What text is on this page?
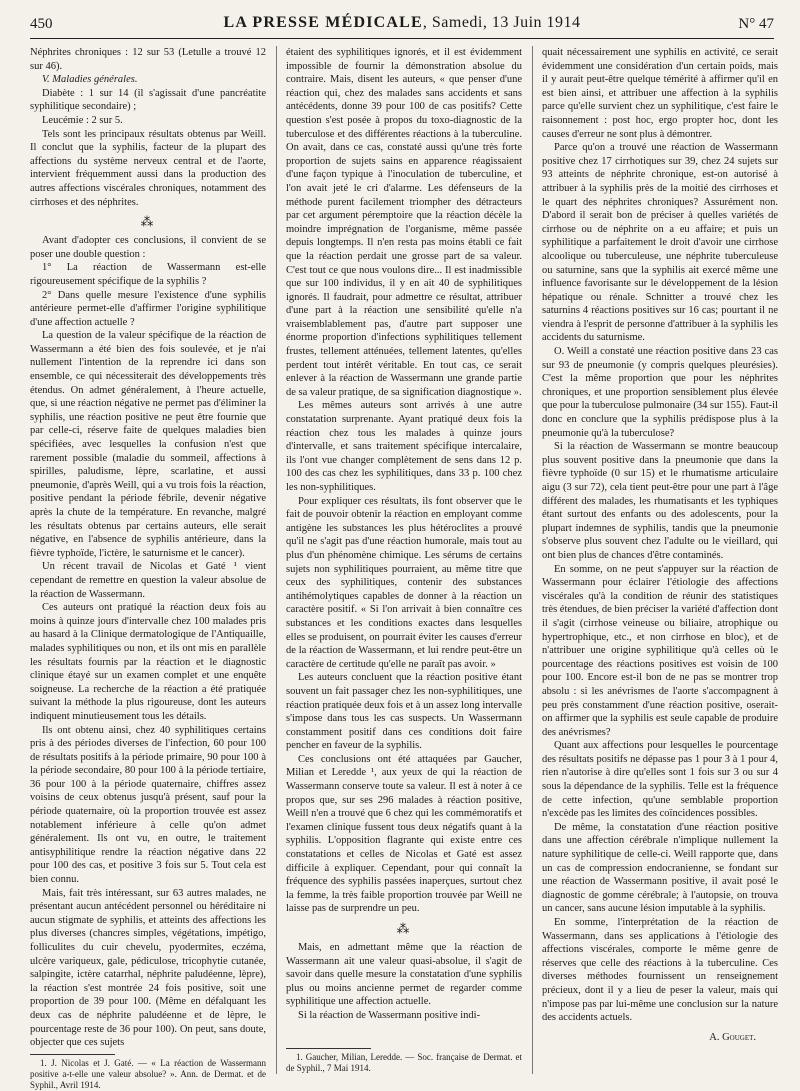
450	LA PRESSE MÉDICALE, Samedi, 13 Juin 1914	N° 47

Néphrites chroniques : 12 sur 53 (Letulle a trouvé 12 sur 46).

V. Maladies générales.

Diabète : 1 sur 14 (il s'agissait d'une pancréatite syphilitique secondaire) ;

Leucémie : 2 sur 5.

Tels sont les principaux résultats obtenus par Weill. Il conclut que la syphilis, facteur de la plupart des affections du système nerveux central et de l'aorte, intervient fréquemment aussi dans la production des autres affections viscérales chroniques, notamment des cirrhoses et des néphrites.

⁂

Avant d'adopter ces conclusions, il convient de se poser une double question :

1° La réaction de Wassermann est-elle rigoureusement spécifique de la syphilis ?

2° Dans quelle mesure l'existence d'une syphilis antérieure permet-elle d'affirmer l'origine syphilitique d'une affection actuelle ?

La question de la valeur spécifique de la réaction de Wassermann a été bien des fois soulevée, et je n'ai nullement l'intention de la reprendre ici dans son ensemble, ce qui nécessiterait des développements très étendus. On admet généralement, à l'heure actuelle, que, si une réaction négative ne permet pas d'éliminer la syphilis, une réaction positive ne peut être fournie que par celle-ci, réserve faite de quelques maladies bien spécifiées, avec lesquelles la confusion n'est que rarement possible (maladie du sommeil, affections à spirilles, paludisme, lèpre, scarlatine, et aussi pneumonie, d'après Weill, qui a vu trois fois la réaction, positive pendant la période fébrile, devenir négative après la chute de la température. En revanche, malgré les résultats obtenus par certains auteurs, elle serait négative, en l'absence de syphilis antérieure, dans la fièvre typhoïde, l'ictère, le saturnisme et le cancer).

Un récent travail de Nicolas et Gaté ¹ vient cependant de remettre en question la valeur absolue de la réaction de Wassermann.

Ces auteurs ont pratiqué la réaction deux fois au moins à quinze jours d'intervalle chez 100 malades pris au hasard à la Clinique dermatologique de l'Antiquaille, malades syphilitiques ou non, et ils ont mis en parallèle les résultats fournis par la réaction et le diagnostic clinique étayé sur un examen complet et une enquête soigneuse. La recherche de la réaction a été pratiquée suivant la méthode la plus rigoureuse, dont les auteurs indiquent minutieusement tous les détails.

Ils ont obtenu ainsi, chez 40 syphilitiques certains pris à des périodes diverses de l'infection, 60 pour 100 de résultats positifs à la période primaire, 90 pour 100 à la période secondaire, 80 pour 100 à la période tertiaire, 36 pour 100 à la période quaternaire, chiffres assez voisins de ceux obtenus jusqu'à présent, sauf pour la période quaternaire, où la proportion trouvée est assez notablement inférieure à celle qu'on admet généralement. Ils ont vu, en outre, le traitement antisyphilitique rendre la réaction négative dans 22 pour 100 des cas, et positive 3 fois sur 5. Tout cela est bien connu.

Mais, fait très intéressant, sur 63 autres malades, ne présentant aucun antécédent personnel ou héréditaire ni aucun stigmate de syphilis, et atteints des affections les plus diverses (chancres simples, végétations, impétigo, folliculites du cuir chevelu, pyodermites, eczéma, ulcère variqueux, gale, pédiculose, tricophytie cutanée, salpingite, ictère catarrhal, néphrite paludéenne, lèpre), la réaction s'est montrée 24 fois positive, soit une proportion de 39 pour 100. (Même en défalquant les deux cas de néphrite paludéenne et de lèpre, le pourcentage reste de 36 pour 100). On peut, sans doute, objecter que ces sujets

1. J. Nicolas et J. Gaté. — « La réaction de Wassermann positive a-t-elle une valeur absolue? ». Ann. de Dermat. et de Syphil., Avril 1914.

étaient des syphilitiques ignorés, et il est évidemment impossible de fournir la démonstration absolue du contraire. Mais, disent les auteurs, « que penser d'une réaction qui, chez des malades sans accidents et sans antécédents, donne 39 pour 100 de cas positifs? Cette question s'est posée à propos du toxo-diagnostic de la tuberculose et des différentes réactions à la tuberculine. On avait, dans ce cas, constaté aussi qu'une très forte proportion de sujets sains en apparence réagissaient d'une façon typique à l'inoculation de tuberculine, et l'on avait jeté le cri d'alarme. Les défenseurs de la méthode purent facilement triompher des détracteurs par cet argument péremptoire que la réaction décèle la moindre imprégnation de l'organisme, même passée depuis longtemps. Il n'en resta pas moins établi ce fait que la réaction perdait une grosse part de sa valeur. C'est tout ce que nous voulons dire... Il est inadmissible que sur 100 individus, il y en ait 40 de syphilitiques ignorés. Il faudrait, pour admettre ce résultat, attribuer d'une part à la réaction une sensibilité qu'elle n'a vraisemblablement pas, d'autre part supposer une énorme proportion d'infections syphilitiques tellement frustes, tellement atténuées, tellement latentes, qu'elles perdent tout intérêt véritable. En tout cas, ce serait enlever à la réaction de Wassermann une grande partie de sa valeur pratique, de sa signification diagnostique ».

Les mêmes auteurs sont arrivés à une autre constatation surprenante. Ayant pratiqué deux fois la réaction chez tous les malades à quinze jours d'intervalle, et sans traitement spécifique intercalaire, ils l'ont vue changer complètement de sens dans 12 p. 100 des cas chez les syphilitiques, dans 33 p. 100 chez les non-syphilitiques.

Pour expliquer ces résultats, ils font observer que le fait de pouvoir obtenir la réaction en employant comme antigène les substances les plus hétéroclites a prouvé qu'il ne s'agit pas d'une réaction humorale, mais tout au plus d'un phénomène chimique. Les sérums de certains sujets non syphilitiques pourraient, au même titre que ceux des syphilitiques, contenir des substances antihémolytiques capables de donner à la réaction un caractère positif. « Si l'on arrivait à bien connaître ces substances et les conditions exactes dans lesquelles elles se produisent, on pourrait éviter les causes d'erreur de la réaction de Wassermann, et lui rendre peut-être un caractère de certitude qu'elle ne paraît pas avoir. »

Les auteurs concluent que la réaction positive étant souvent un fait passager chez les non-syphilitiques, une réaction pratiquée deux fois et à un assez long intervalle s'impose dans tous les cas suspects. Un Wassermann constamment positif dans ces conditions doit faire pencher en faveur de la syphilis.

Ces conclusions ont été attaquées par Gaucher, Milian et Leredde ¹, aux yeux de qui la réaction de Wassermann conserve toute sa valeur. Il est à noter à ce propos que, sur ses 296 malades à réaction positive, Weill n'en a trouvé que 6 chez qui les commémoratifs et l'examen clinique fussent tous deux négatifs quant à la syphilis. L'opposition flagrante qui existe entre ces constatations et celles de Nicolas et Gaté est assez difficile à expliquer. Cependant, pour qui connaît la fréquence des syphilis passées inaperçues, surtout chez la femme, la très faible proportion trouvée par Weill ne laisse pas de surprendre un peu.

⁂

Mais, en admettant même que la réaction de Wassermann ait une valeur quasi-absolue, il s'agit de savoir dans quelle mesure la constatation d'une syphilis plus ou moins ancienne permet de regarder comme syphilitique une affection actuelle.

Si la réaction de Wassermann positive indi-

1. Gaucher, Milian, Leredde. — Soc. française de Dermat. et de Syphil., 7 Mai 1914.

quait nécessairement une syphilis en activité, ce serait évidemment une considération d'un certain poids, mais il y aurait peut-être quelque témérité à affirmer qu'il en est bien ainsi, et attribuer une affection à la syphilis parce qu'elle survient chez un syphilitique, c'est faire le raisonnement : post hoc, ergo propter hoc, dont les causes d'erreur ne sont plus à démontrer.

Parce qu'on a trouvé une réaction de Wassermann positive chez 17 cirrhotiques sur 39, chez 24 sujets sur 93 atteints de néphrite chronique, est-on autorisé à attribuer à la syphilis près de la moitié des cirrhoses et le quart des néphrites chroniques? Assurément non. D'abord il serait bon de préciser à quelles variétés de cirrhose ou de néphrite on a eu affaire; et puis un syphilitique a parfaitement le droit d'avoir une cirrhose alcoolique ou tuberculeuse, une néphrite tuberculeuse ou saturnine, sans que la syphilis ait exercé même une influence favorisante sur le développement de la lésion hépatique ou rénale. Schnitter a trouvé chez les saturnins 4 réactions positives sur 16 cas; pourtant il ne viendra à l'esprit de personne d'attribuer à la syphilis les accidents du saturnisme.

O. Weill a constaté une réaction positive dans 23 cas sur 93 de pneumonie (y compris quelques pleurésies). C'est la même proportion que pour les néphrites chroniques, et une proportion sensiblement plus élevée que pour la tuberculose pulmonaire (34 sur 155). Faut-il donc en conclure que la syphilis prédispose plus à la pneumonie qu'à la tuberculose?

Si la réaction de Wassermann se montre beaucoup plus souvent positive dans la pneumonie que dans la fièvre typhoïde (0 sur 15) et le rhumatisme articulaire aigu (3 sur 72), cela tient peut-être pour une part à l'âge différent des malades, les rhumatisants et les typhiques étant surtout des enfants ou des adolescents, pour la plupart indemnes de syphilis, tandis que la pneumonie s'observe plus souvent chez l'adulte ou le vieillard, qui ont bien plus de chances d'être contaminés.

En somme, on ne peut s'appuyer sur la réaction de Wassermann pour éclairer l'étiologie des affections viscérales qu'à la condition de réunir des statistiques très étendues, de bien préciser la variété d'affection dont il s'agit (cirrhose veineuse ou biliaire, atrophique ou hypertrophique, etc., et non cirrhose en bloc), et de n'attribuer une origine syphilitique qu'à celles où le pourcentage des réactions positives est voisin de 100 pour 100. Encore est-il bon de ne pas se montrer trop absolu : si les anévrismes de l'aorte s'accompagnent à peu près constamment d'une réaction positive, oserait-on affirmer que la syphilis est seule capable de produire des anévrismes?

Quant aux affections pour lesquelles le pourcentage des résultats positifs ne dépasse pas 1 pour 3 à 1 pour 4, rien n'autorise à dire qu'elles sont 1 fois sur 3 ou sur 4 sous la dépendance de la syphilis. Telle est la fréquence de cette infection, qu'une semblable proportion n'excède pas les limites des coïncidences possibles.

De même, la constatation d'une réaction positive dans une affection cérébrale n'implique nullement la nature syphilitique de celle-ci. Weill rapporte que, dans un cas de compression endocranienne, se fondant sur une réaction de Wassermann positive, il avait posé le diagnostic de gomme cérébrale; à l'autopsie, on trouva un cancer, sans aucune lésion imputable à la syphilis.

En somme, l'interprétation de la réaction de Wassermann, dans ses applications à l'étiologie des affections viscérales, comporte le même genre de réserves que celle des réactions à la tuberculine. Ces diverses méthodes fournissent un renseignement précieux, dont il y a lieu de peser la valeur, mais qui n'impose pas par lui-même une conclusion sur la nature des accidents actuels.

A. Gouget.
